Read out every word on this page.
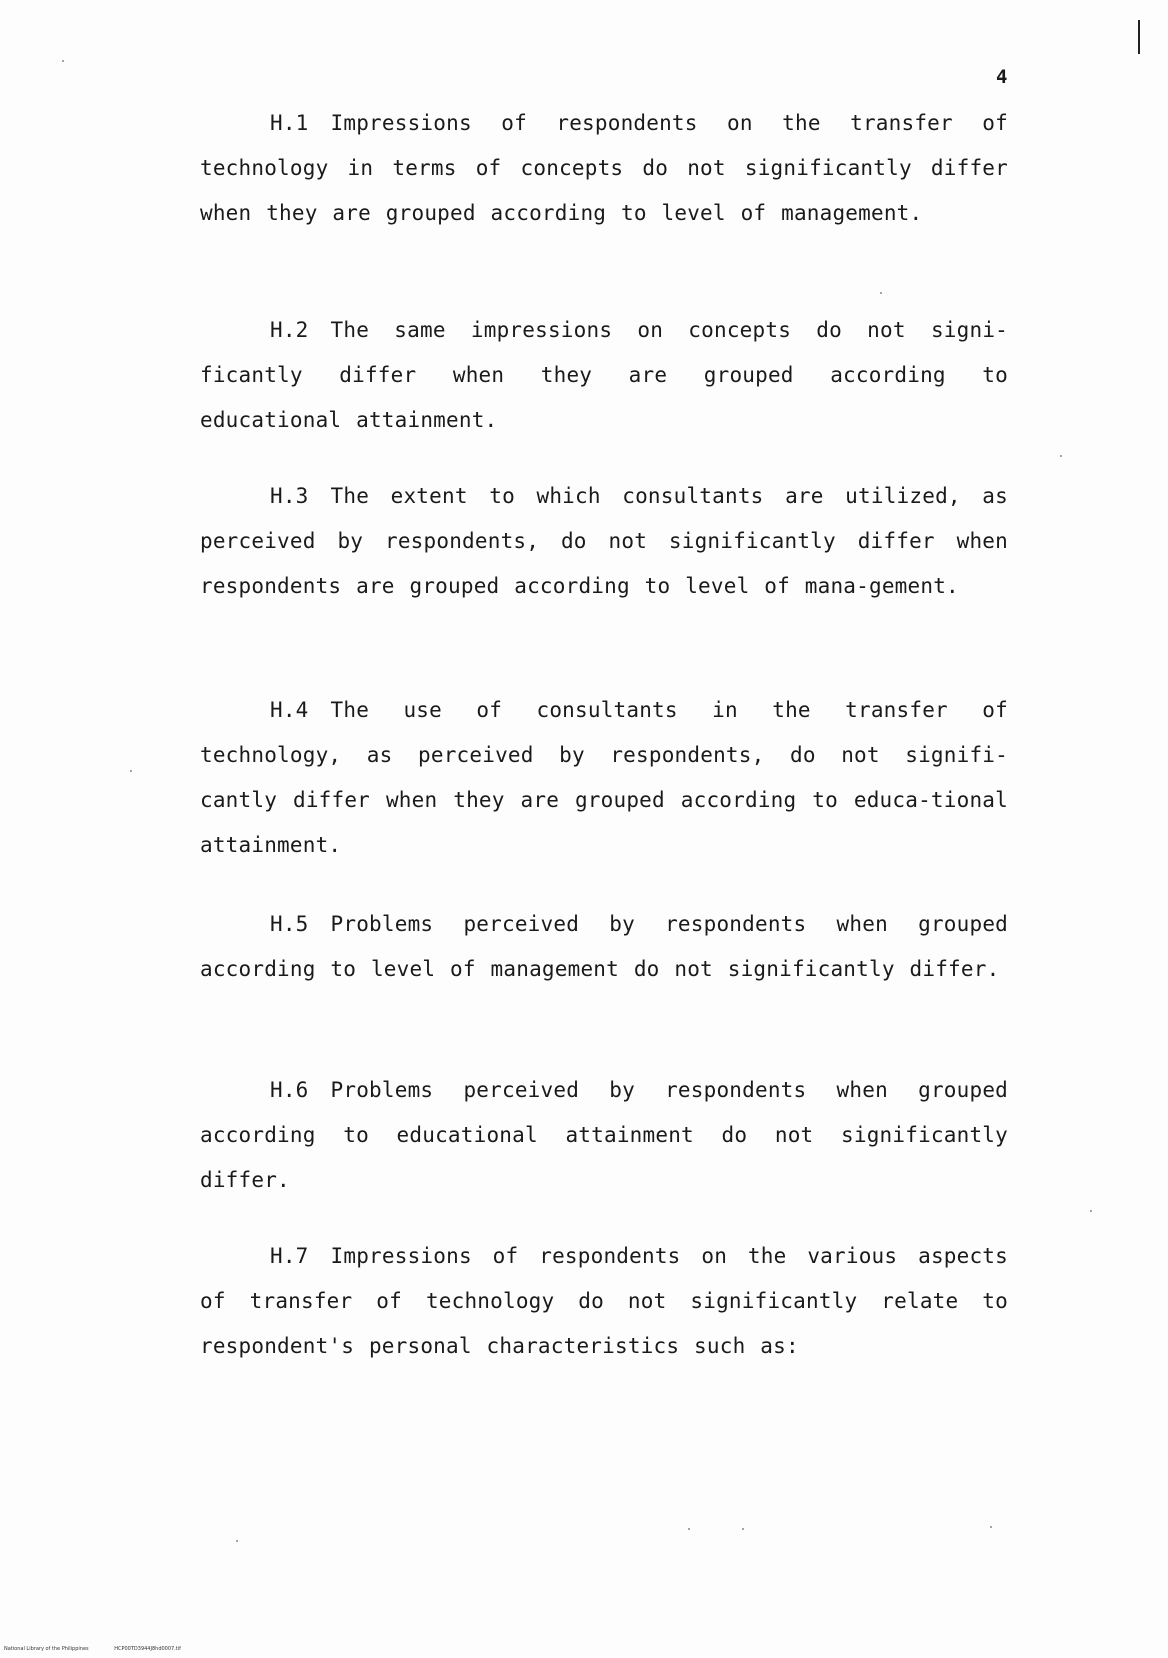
4

H.1 Impressions of respondents on the transfer of technology in terms of concepts do not significantly differ when they are grouped according to level of management.

H.2 The same impressions on concepts do not signi-ficantly differ when they are grouped according to educational attainment.

H.3 The extent to which consultants are utilized, as perceived by respondents, do not significantly differ when respondents are grouped according to level of mana-gement.

H.4 The use of consultants in the transfer of technology, as perceived by respondents, do not signifi-cantly differ when they are grouped according to educa-tional attainment.

H.5 Problems perceived by respondents when grouped according to level of management do not significantly differ.

H.6 Problems perceived by respondents when grouped according to educational attainment do not significantly differ.

H.7 Impressions of respondents on the various aspects of transfer of technology do not significantly relate to respondent's personal characteristics such as:

National Library of the Philippines	HCP00TD3944J8hd0007.tif
